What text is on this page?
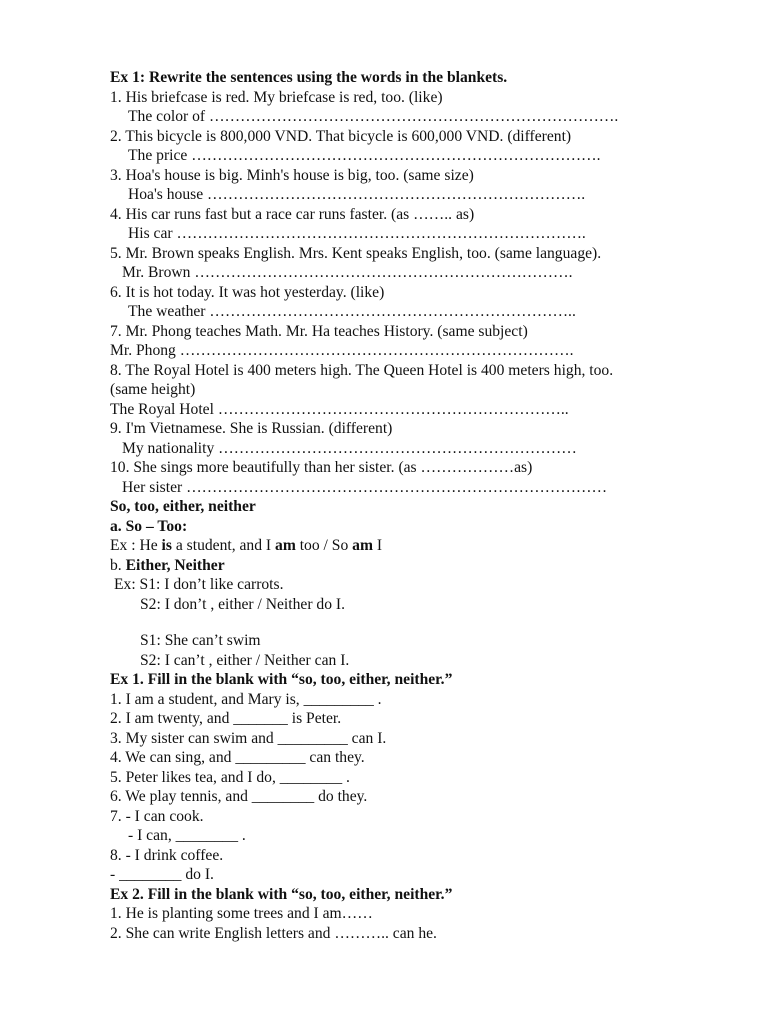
Ex 1: Rewrite the sentences using the words in the blankets.
1. His briefcase is red. My briefcase is red, too. (like)
The color of …………………………………………………………………….
2. This bicycle is 800,000 VND. That bicycle is 600,000 VND. (different)
The price …………………………………………………………………….
3. Hoa's house is big. Minh's house is big, too. (same size)
Hoa's house ……………………………………………………………….
4. His car runs fast but a race car runs faster. (as …….. as)
His car …………………………………………………………………….
5. Mr. Brown speaks English. Mrs. Kent speaks English, too. (same language).
Mr. Brown ……………………………………………………………….
6. It is hot today. It was hot yesterday. (like)
The weather ……………………………………………………………..
7. Mr. Phong teaches Math. Mr. Ha teaches History. (same subject)
Mr. Phong ………………………………………………………………….
8. The Royal Hotel is 400 meters high. The Queen Hotel is 400 meters high, too.
(same height)
The Royal Hotel …………………………………………………………..
9. I'm Vietnamese. She is Russian. (different)
My nationality ……………………………………………………………
10. She sings more beautifully than her sister. (as ………………as)
Her sister ………………………………………………………………………
So, too, either, neither
a. So – Too:
Ex : He is a student, and I am too / So am I
b. Either, Neither
Ex: S1: I don’t like carrots.
S2: I don’t , either / Neither do I.
S1: She can’t swim
S2: I can’t , either / Neither can I.
Ex 1. Fill in the blank with “so, too, either, neither.”
1. I am a student, and Mary is, _________ .
2. I am twenty, and _______ is Peter.
3. My sister can swim and _________ can I.
4. We can sing, and _________ can they.
5. Peter likes tea, and I do, ________ .
6. We play tennis, and ________ do they.
7. - I can cook.
- I can, ________ .
8. - I drink coffee.
- ________ do I.
Ex 2. Fill in the blank with “so, too, either, neither.”
1. He is planting some trees and I am……
2. She can write English letters and ……….. can he.
